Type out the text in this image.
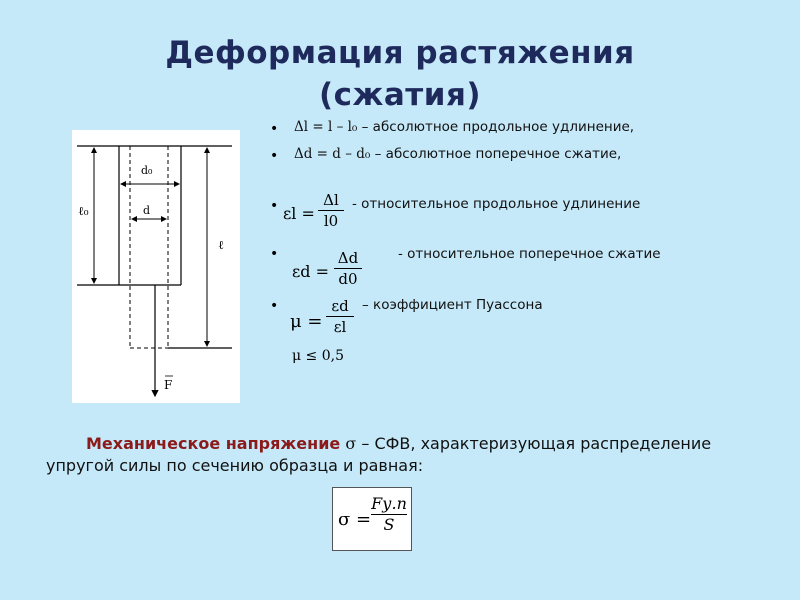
Деформация растяжения
(сжатия)
d₀
d
ℓ₀
ℓ
F
• Δl = l – l₀ – абсолютное продольное удлинение,
• Δd = d – d₀ – абсолютное поперечное сжатие,
• εl =
Δl
l0
- относительное продольное удлинение
•
εd =
Δd
d0
- относительное поперечное сжатие
•
μ =
εd
εl
– коэффициент Пуассона
μ ≤ 0,5
Механическое напряжение σ – СФВ, характеризующая распределение
упругой силы по сечению образца и равная:
σ =
Fу.п
S
